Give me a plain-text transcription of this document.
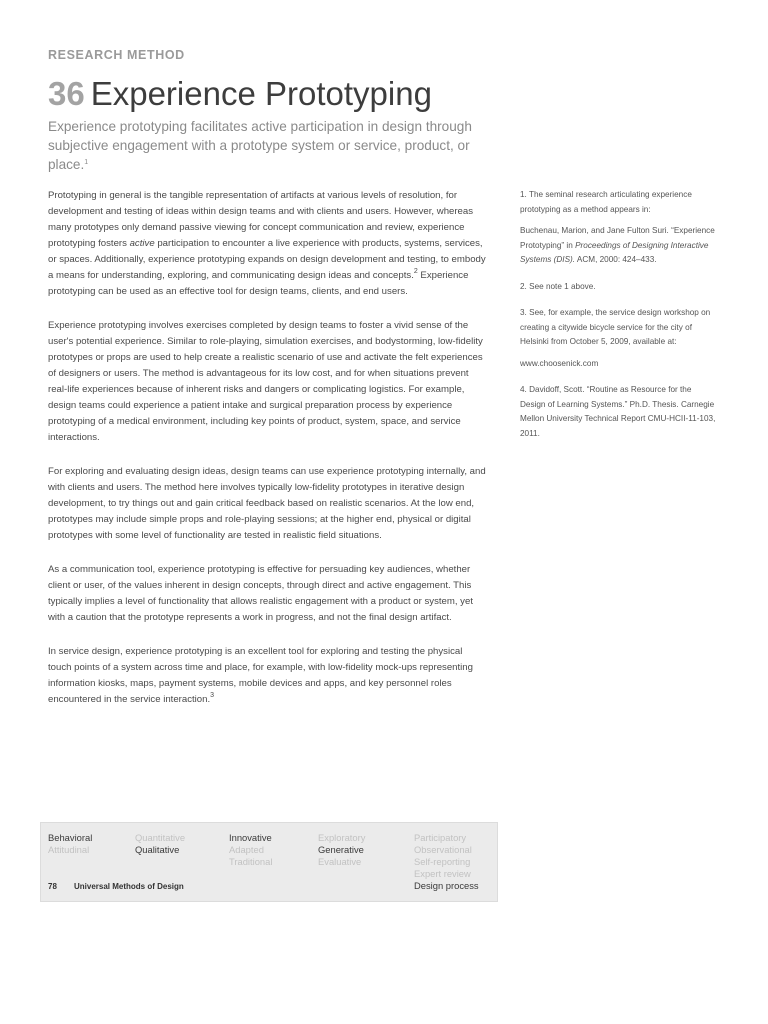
RESEARCH METHOD
36 Experience Prototyping
Experience prototyping facilitates active participation in design through subjective engagement with a prototype system or service, product, or place.$^1$

Prototyping in general is the tangible representation of artifacts at various levels of resolution, for development and testing of ideas within design teams and with clients and users. However, whereas many prototypes only demand passive viewing for concept communication and review, experience prototyping fosters active participation to encounter a live experience with products, systems, services, or spaces. Additionally, experience prototyping expands on design development and testing, to embody a means for understanding, exploring, and communicating design ideas and concepts.$^2$ Experience prototyping can be used as an effective tool for design teams, clients, and end users.

Experience prototyping involves exercises completed by design teams to foster a vivid sense of the user's potential experience. Similar to role-playing, simulation exercises, and bodystorming, low-fidelity prototypes or props are used to help create a realistic scenario of use and activate the felt experiences of designers or users. The method is advantageous for its low cost, and for when situations prevent real-life experiences because of inherent risks and dangers or complicating logistics. For example, design teams could experience a patient intake and surgical preparation process by experience prototyping of a medical environment, including key points of product, system, space, and service interactions.

For exploring and evaluating design ideas, design teams can use experience prototyping internally, and with clients and users. The method here involves typically low-fidelity prototypes in iterative design development, to try things out and gain critical feedback based on realistic scenarios. At the low end, prototypes may include simple props and role-playing sessions; at the higher end, physical or digital prototypes with some level of functionality are tested in realistic field situations.

As a communication tool, experience prototyping is effective for persuading key audiences, whether client or user, of the values inherent in design concepts, through direct and active engagement. This typically implies a level of functionality that allows realistic engagement with a product or system, yet with a caution that the prototype represents a work in progress, and not the final design artifact.

In service design, experience prototyping is an excellent tool for exploring and testing the physical touch points of a system across time and place, for example, with low-fidelity mock-ups representing information kiosks, maps, payment systems, mobile devices and apps, and key personnel roles encountered in the service interaction.$^3$

1. The seminal research articulating experience prototyping as a method appears in:

Buchenau, Marion, and Jane Fulton Suri. “Experience Prototyping” in Proceedings of Designing Interactive Systems (DIS). ACM, 2000: 424–433.

2. See note 1 above.

3. See, for example, the service design workshop on creating a citywide bicycle service for the city of Helsinki from October 5, 2009, available at:

www.choosenick.com

4. Davidoff, Scott. “Routine as Resource for the Design of Learning Systems.” Ph.D. Thesis. Carnegie Mellon University Technical Report CMU-HCII-11-103, 2011.

Behavioral
Attitudinal
Quantitative
Qualitative
Innovative
Adapted
Traditional
Exploratory
Generative
Evaluative
Participatory
Observational
Self-reporting
Expert review
Design process
78 Universal Methods of Design
